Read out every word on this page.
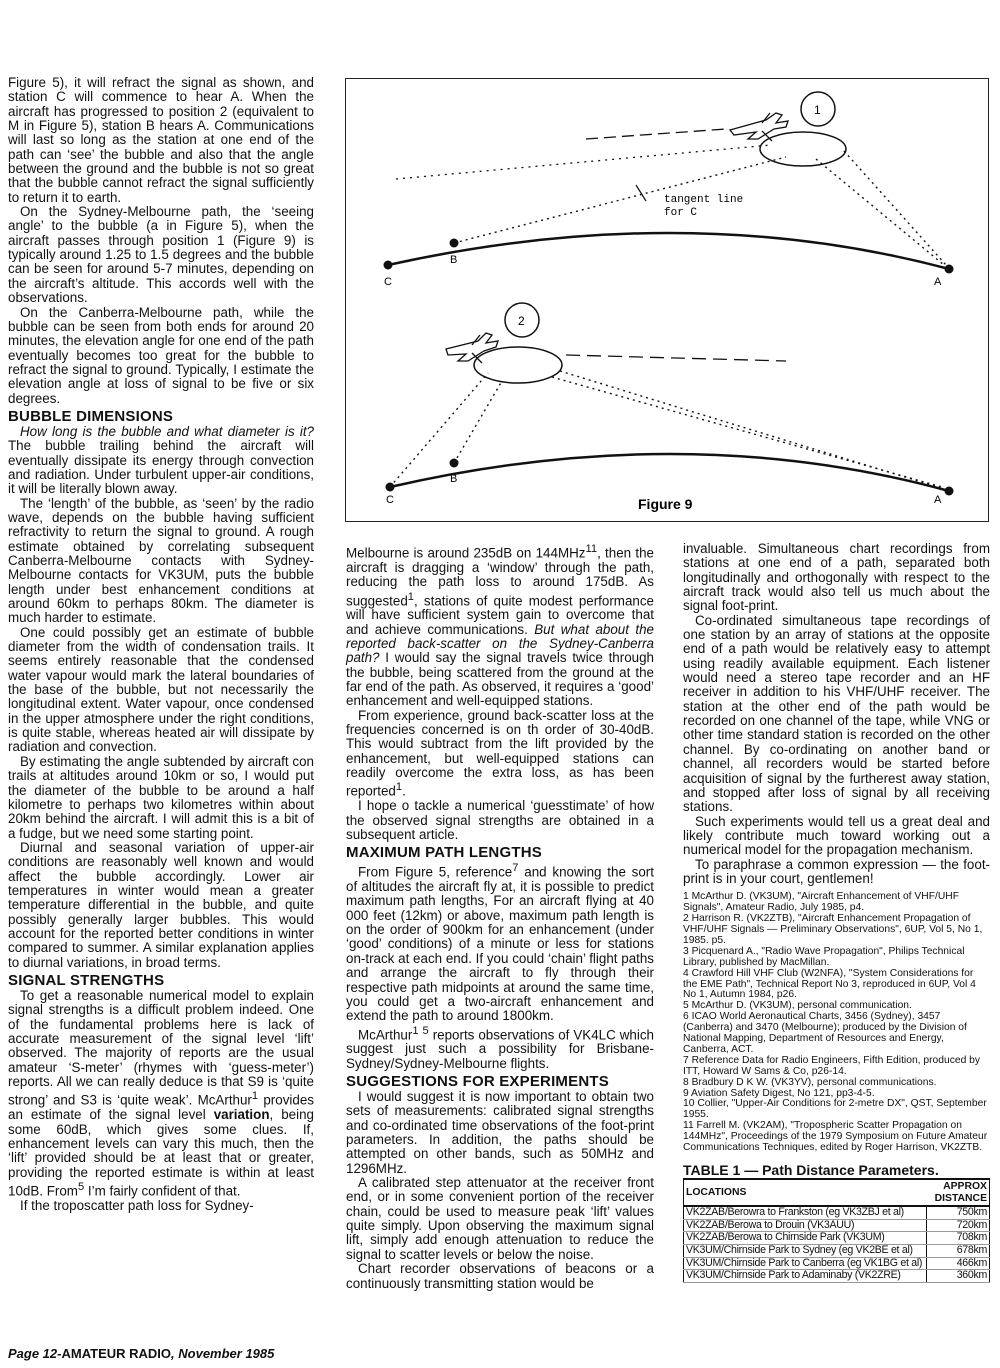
Figure 5), it will refract the signal as shown, and station C will commence to hear A. When the aircraft has progressed to position 2 (equivalent to M in Figure 5), station B hears A. Communications will last so long as the station at one end of the path can ‘see’ the bubble and also that the angle between the ground and the bubble is not so great that the bubble cannot refract the signal sufficiently to return it to earth.

On the Sydney-Melbourne path, the ‘seeing angle’ to the bubble (a in Figure 5), when the aircraft passes through position 1 (Figure 9) is typically around 1.25 to 1.5 degrees and the bubble can be seen for around 5-7 minutes, depending on the aircraft’s altitude. This accords well with the observations.

On the Canberra-Melbourne path, while the bubble can be seen from both ends for around 20 minutes, the elevation angle for one end of the path eventually becomes too great for the bubble to refract the signal to ground. Typically, I estimate the elevation angle at loss of signal to be five or six degrees.

BUBBLE DIMENSIONS

How long is the bubble and what diameter is it? The bubble trailing behind the aircraft will eventually dissipate its energy through convection and radiation. Under turbulent upper-air conditions, it will be literally blown away.

The ‘length’ of the bubble, as ‘seen’ by the radio wave, depends on the bubble having sufficient refractivity to return the signal to ground. A rough estimate obtained by correlating subsequent Canberra-Melbourne contacts with Sydney-Melbourne contacts for VK3UM, puts the bubble length under best enhancement conditions at around 60km to perhaps 80km. The diameter is much harder to estimate.

One could possibly get an estimate of bubble diameter from the width of condensation trails. It seems entirely reasonable that the condensed water vapour would mark the lateral boundaries of the base of the bubble, but not necessarily the longitudinal extent. Water vapour, once condensed in the upper atmosphere under the right conditions, is quite stable, whereas heated air will dissipate by radiation and convection.

By estimating the angle subtended by aircraft con trails at altitudes around 10km or so, I would put the diameter of the bubble to be around a half kilometre to perhaps two kilometres within about 20km behind the aircraft. I will admit this is a bit of a fudge, but we need some starting point.

Diurnal and seasonal variation of upper-air conditions are reasonably well known and would affect the bubble accordingly. Lower air temperatures in winter would mean a greater temperature differential in the bubble, and quite possibly generally larger bubbles. This would account for the reported better conditions in winter compared to summer. A similar explanation applies to diurnal variations, in broad terms.

SIGNAL STRENGTHS

To get a reasonable numerical model to explain signal strengths is a difficult problem indeed. One of the fundamental problems here is lack of accurate measurement of the signal level ‘lift’ observed. The majority of reports are the usual amateur ‘S-meter’ (rhymes with ‘guess-meter’) reports. All we can really deduce is that S9 is ‘quite strong’ and S3 is ‘quite weak’. McArthur$^1$ provides an estimate of the signal level variation, being some 60dB, which gives some clues. If, enhancement levels can vary this much, then the ‘lift’ provided should be at least that or greater, providing the reported estimate is within at least 10dB. From$^5$ I’m fairly confident of that.

If the troposcatter path loss for Sydney-

C
B
A
1
tangent line
for C
C
B
A
2
Figure 9

Melbourne is around 235dB on 144MHz$^{11}$, then the aircraft is dragging a ‘window’ through the path, reducing the path loss to around 175dB. As suggested$^1$, stations of quite modest performance will have sufficient system gain to overcome that and achieve communications. But what about the reported back-scatter on the Sydney-Canberra path? I would say the signal travels twice through the bubble, being scattered from the ground at the far end of the path. As observed, it requires a ‘good’ enhancement and well-equipped stations.

From experience, ground back-scatter loss at the frequencies concerned is on th order of 30-40dB. This would subtract from the lift provided by the enhancement, but well-equipped stations can readily overcome the extra loss, as has been reported$^1$.

I hope o tackle a numerical ‘guesstimate’ of how the observed signal strengths are obtained in a subsequent article.

MAXIMUM PATH LENGTHS

From Figure 5, reference$^7$ and knowing the sort of altitudes the aircraft fly at, it is possible to predict maximum path lengths, For an aircraft flying at 40 000 feet (12km) or above, maximum path length is on the order of 900km for an enhancement (under ‘good’ conditions) of a minute or less for stations on-track at each end. If you could ‘chain’ flight paths and arrange the aircraft to fly through their respective path midpoints at around the same time, you could get a two-aircraft enhancement and extend the path to around 1800km.

McArthur$^1$ $^5$ reports observations of VK4LC which suggest just such a possibility for Brisbane-Sydney/Sydney-Melbourne flights.

SUGGESTIONS FOR EXPERIMENTS

I would suggest it is now important to obtain two sets of measurements: calibrated signal strengths and co-ordinated time observations of the foot-print parameters. In addition, the paths should be attempted on other bands, such as 50MHz and 1296MHz.

A calibrated step attenuator at the receiver front end, or in some convenient portion of the receiver chain, could be used to measure peak ‘lift’ values quite simply. Upon observing the maximum signal lift, simply add enough attenuation to reduce the signal to scatter levels or below the noise.

Chart recorder observations of beacons or a continuously transmitting station would be

invaluable. Simultaneous chart recordings from stations at one end of a path, separated both longitudinally and orthogonally with respect to the aircraft track would also tell us much about the signal foot-print.

Co-ordinated simultaneous tape recordings of one station by an array of stations at the opposite end of a path would be relatively easy to attempt using readily available equipment. Each listener would need a stereo tape recorder and an HF receiver in addition to his VHF/UHF receiver. The station at the other end of the path would be recorded on one channel of the tape, while VNG or other time standard station is recorded on the other channel. By co-ordinating on another band or channel, all recorders would be started before acquisition of signal by the furtherest away station, and stopped after loss of signal by all receiving stations.

Such experiments would tell us a great deal and likely contribute much toward working out a numerical model for the propagation mechanism.

To paraphrase a common expression — the foot-print is in your court, gentlemen!

1 McArthur D. (VK3UM), "Aircraft Enhancement of VHF/UHF Signals", Amateur Radio, July 1985, p4.
2 Harrison R. (VK2ZTB), "Aircraft Enhancement Propagation of VHF/UHF Signals — Preliminary Observations", 6UP, Vol 5, No 1, 1985. p5.
3 Picquenard A., "Radio Wave Propagation", Philips Technical Library, published by MacMillan.
4 Crawford Hill VHF Club (W2NFA), "System Considerations for the EME Path", Technical Report No 3, reproduced in 6UP, Vol 4 No 1, Autumn 1984, p26.
5 McArthur D. (VK3UM), personal communication.
6 ICAO World Aeronautical Charts, 3456 (Sydney), 3457 (Canberra) and 3470 (Melbourne); produced by the Division of National Mapping, Department of Resources and Energy, Canberra, ACT.
7 Reference Data for Radio Engineers, Fifth Edition, produced by ITT, Howard W Sams & Co, p26-14.
8 Bradbury D K W. (VK3YV), personal communications.
9 Aviation Safety Digest, No 121, pp3-4-5.
10 Collier, "Upper-Air Conditions for 2-metre DX", QST, September 1955.
11 Farrell M. (VK2AM), "Tropospheric Scatter Propagation on 144MHz", Proceedings of the 1979 Symposium on Future Amateur Communications Techniques, edited by Roger Harrison, VK2ZTB.
TABLE 1 — Path Distance Parameters.
LOCATIONS	APPROX DISTANCE
VK2ZAB/Berowra to Frankston (eg VK3ZBJ et al)	750km
VK2ZAB/Berowa to Drouin (VK3AUU)	720km
VK2ZAB/Berowa to Chirnside Park (VK3UM)	708km
VK3UM/Chirnside Park to Sydney (eg VK2BE et al)	678km
VK3UM/Chirnside Park to Canberra (eg VK1BG et al)	466km
VK3UM/Chirnside Park to Adaminaby (VK2ZRE)	360km
Page 12-AMATEUR RADIO, November 1985
